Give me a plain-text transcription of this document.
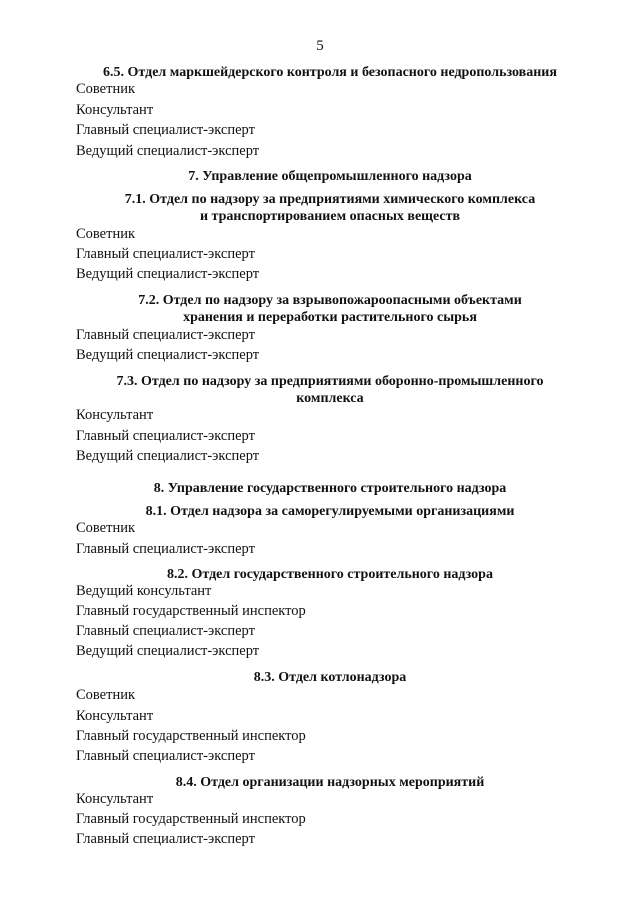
5
6.5. Отдел маркшейдерского контроля и безопасного недропользования
Советник
Консультант
Главный специалист-эксперт
Ведущий специалист-эксперт
7. Управление общепромышленного надзора
7.1. Отдел по надзору за предприятиями химического комплекса
и транспортированием опасных веществ
Советник
Главный специалист-эксперт
Ведущий специалист-эксперт
7.2. Отдел по надзору за взрывопожароопасными объектами
хранения и переработки растительного сырья
Главный специалист-эксперт
Ведущий специалист-эксперт
7.3. Отдел по надзору за предприятиями оборонно-промышленного
комплекса
Консультант
Главный специалист-эксперт
Ведущий специалист-эксперт
8. Управление государственного строительного надзора
8.1. Отдел надзора за саморегулируемыми организациями
Советник
Главный специалист-эксперт
8.2. Отдел государственного строительного надзора
Ведущий консультант
Главный государственный инспектор
Главный специалист-эксперт
Ведущий специалист-эксперт
8.3. Отдел котлонадзора
Советник
Консультант
Главный государственный инспектор
Главный специалист-эксперт
8.4. Отдел организации надзорных мероприятий
Консультант
Главный государственный инспектор
Главный специалист-эксперт
